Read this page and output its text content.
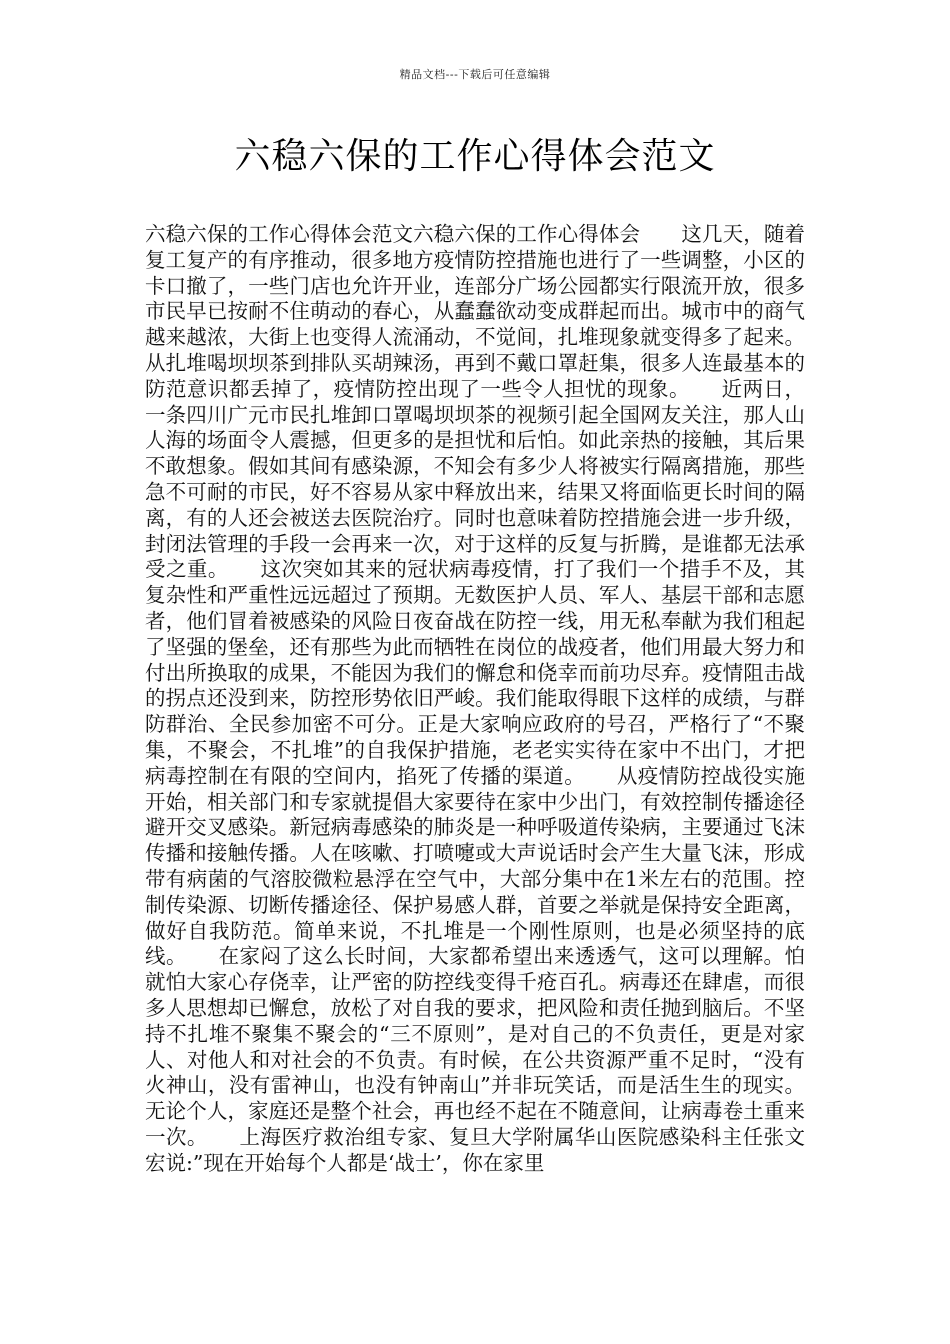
精品文档---下载后可任意编辑
六稳六保的工作心得体会范文

六稳六保的工作心得体会范文六稳六保的工作心得体会　　这几天，随着复工复产的有序推动，很多地方疫情防控措施也进行了一些调整，小区的卡口撤了，一些门店也允许开业，连部分广场公园都实行限流开放，很多市民早已按耐不住萌动的春心，从蠢蠢欲动变成群起而出。城市中的商气越来越浓，大街上也变得人流涌动，不觉间，扎堆现象就变得多了起来。从扎堆喝坝坝茶到排队买胡辣汤，再到不戴口罩赶集，很多人连最基本的防范意识都丢掉了，疫情防控出现了一些令人担忧的现象。　　近两日，一条四川广元市民扎堆卸口罩喝坝坝茶的视频引起全国网友关注，那人山人海的场面令人震撼，但更多的是担忧和后怕。如此亲热的接触，其后果不敢想象。假如其间有感染源，不知会有多少人将被实行隔离措施，那些急不可耐的市民，好不容易从家中释放出来，结果又将面临更长时间的隔离，有的人还会被送去医院治疗。同时也意味着防控措施会进一步升级，封闭法管理的手段一会再来一次，对于这样的反复与折腾，是谁都无法承受之重。　　这次突如其来的冠状病毒疫情，打了我们一个措手不及，其复杂性和严重性远远超过了预期。无数医护人员、军人、基层干部和志愿者，他们冒着被感染的风险日夜奋战在防控一线，用无私奉献为我们租起了坚强的堡垒，还有那些为此而牺牲在岗位的战疫者，他们用最大努力和付出所换取的成果，不能因为我们的懈怠和侥幸而前功尽弃。疫情阻击战的拐点还没到来，防控形势依旧严峻。我们能取得眼下这样的成绩，与群防群治、全民参加密不可分。正是大家响应政府的号召，严格行了“不聚集，不聚会，不扎堆”的自我保护措施，老老实实待在家中不出门，才把病毒控制在有限的空间内，掐死了传播的渠道。　　从疫情防控战役实施开始，相关部门和专家就提倡大家要待在家中少出门，有效控制传播途径避开交叉感染。新冠病毒感染的肺炎是一种呼吸道传染病，主要通过飞沫传播和接触传播。人在咳嗽、打喷嚏或大声说话时会产生大量飞沫，形成带有病菌的气溶胶微粒悬浮在空气中，大部分集中在1米左右的范围。控制传染源、切断传播途径、保护易感人群，首要之举就是保持安全距离，做好自我防范。简单来说，不扎堆是一个刚性原则，也是必须坚持的底线。　　在家闷了这么长时间，大家都希望出来透透气，这可以理解。怕就怕大家心存侥幸，让严密的防控线变得千疮百孔。病毒还在肆虐，而很多人思想却已懈怠，放松了对自我的要求，把风险和责任抛到脑后。不坚持不扎堆不聚集不聚会的“三不原则”，是对自己的不负责任，更是对家人、对他人和对社会的不负责。有时候，在公共资源严重不足时，“没有火神山，没有雷神山，也没有钟南山”并非玩笑话，而是活生生的现实。无论个人，家庭还是整个社会，再也经不起在不随意间，让病毒卷土重来一次。　　上海医疗救治组专家、复旦大学附属华山医院感染科主任张文宏说:”现在开始每个人都是‘战士’，你在家里
